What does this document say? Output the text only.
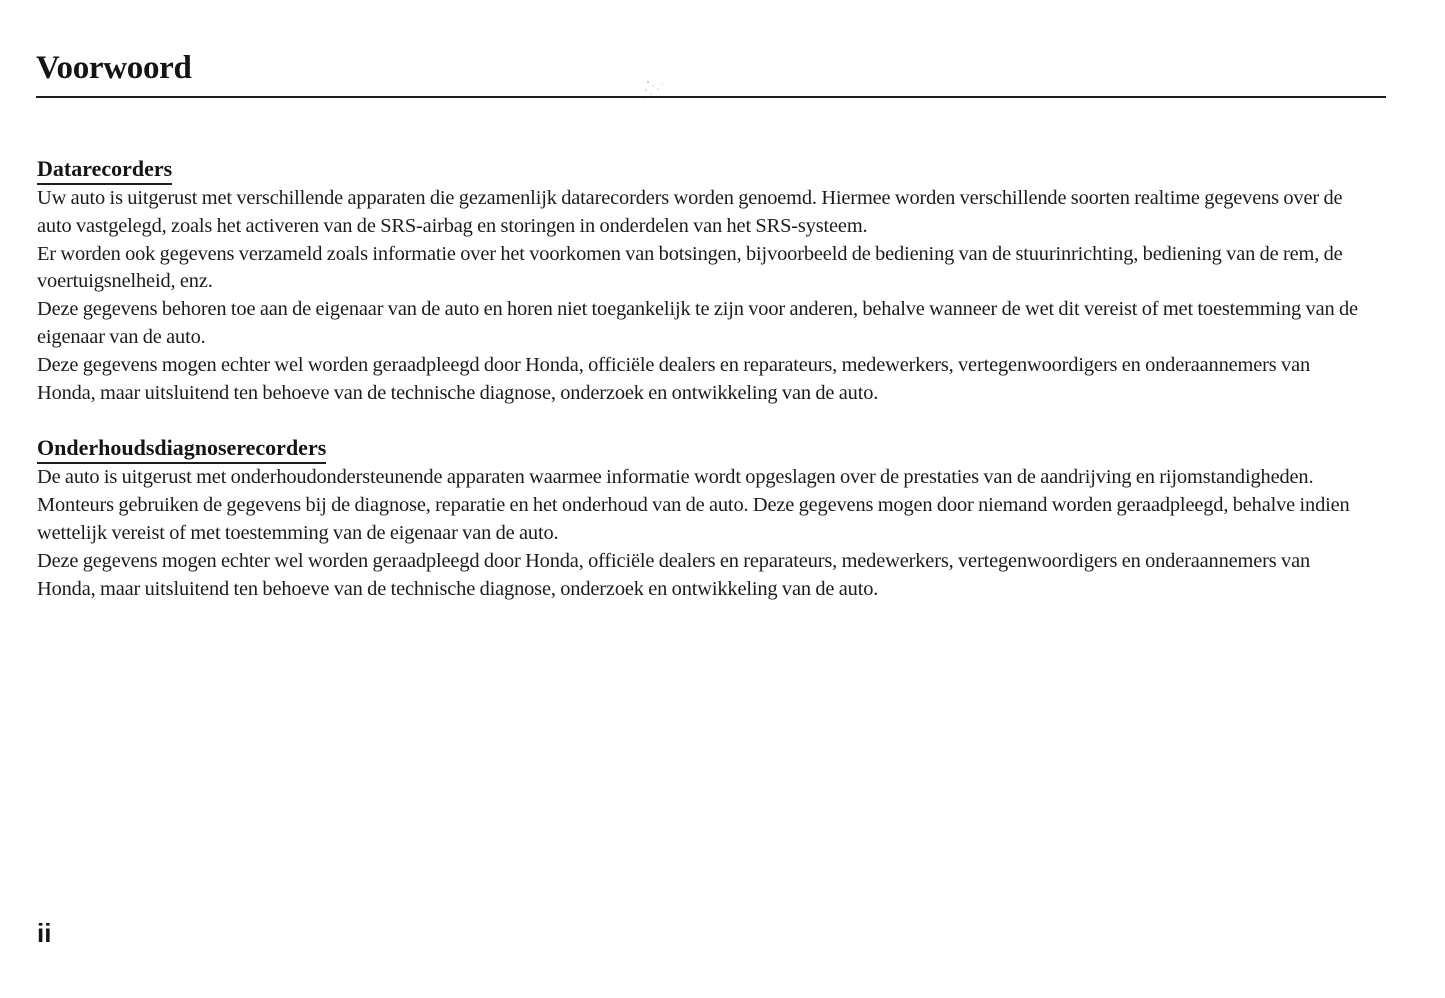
Voorwoord
Datarecorders

Uw auto is uitgerust met verschillende apparaten die gezamenlijk datarecorders worden genoemd. Hiermee worden verschillende soorten realtime gegevens over de auto vastgelegd, zoals het activeren van de SRS-airbag en storingen in onderdelen van het SRS-systeem.

Er worden ook gegevens verzameld zoals informatie over het voorkomen van botsingen, bijvoorbeeld de bediening van de stuurinrichting, bediening van de rem, de voertuigsnelheid, enz.

Deze gegevens behoren toe aan de eigenaar van de auto en horen niet toegankelijk te zijn voor anderen, behalve wanneer de wet dit vereist of met toestemming van de eigenaar van de auto.

Deze gegevens mogen echter wel worden geraadpleegd door Honda, officiële dealers en reparateurs, medewerkers, vertegenwoordigers en onderaannemers van Honda, maar uitsluitend ten behoeve van de technische diagnose, onderzoek en ontwikkeling van de auto.

Onderhoudsdiagnoserecorders

De auto is uitgerust met onderhoudondersteunende apparaten waarmee informatie wordt opgeslagen over de prestaties van de aandrijving en rijomstandigheden. Monteurs gebruiken de gegevens bij de diagnose, reparatie en het onderhoud van de auto. Deze gegevens mogen door niemand worden geraadpleegd, behalve indien wettelijk vereist of met toestemming van de eigenaar van de auto.

Deze gegevens mogen echter wel worden geraadpleegd door Honda, officiële dealers en reparateurs, medewerkers, vertegenwoordigers en onderaannemers van Honda, maar uitsluitend ten behoeve van de technische diagnose, onderzoek en ontwikkeling van de auto.

ii
